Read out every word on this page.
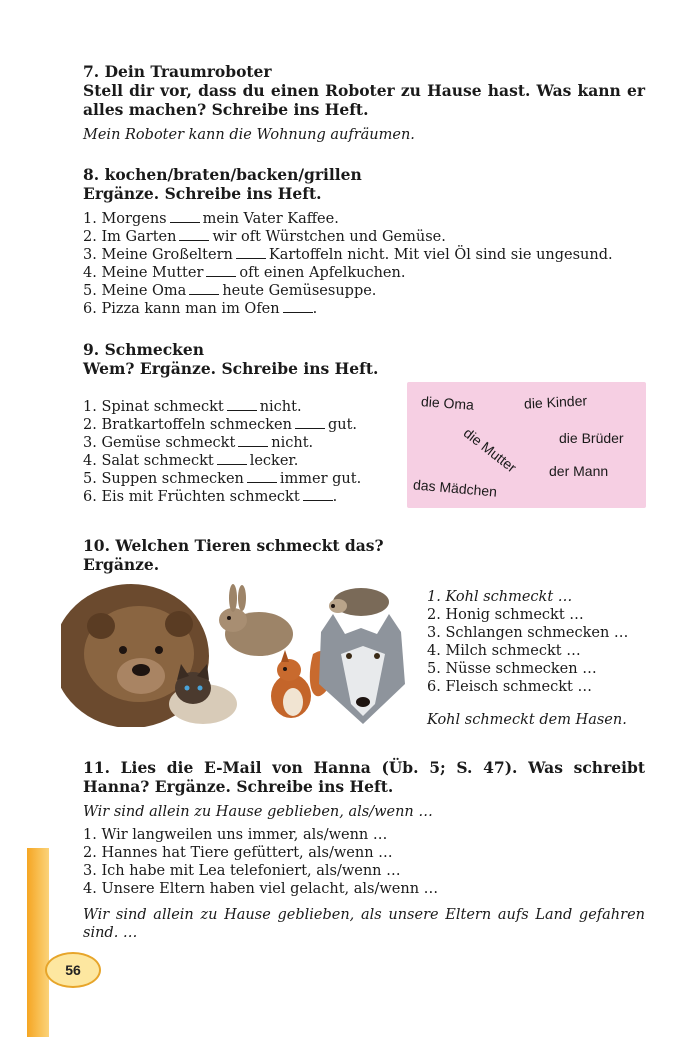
7. Dein Traumroboter
Stell dir vor, dass du einen Roboter zu Hause hast. Was kann er alles machen? Schreibe ins Heft.
Mein Roboter kann die Wohnung aufräumen.
8. kochen/braten/backen/grillen
Ergänze. Schreibe ins Heft.
1. Morgens mein Vater Kaffee.
2. Im Garten wir oft Würstchen und Gemüse.
3. Meine Großeltern Kartoffeln nicht. Mit viel Öl sind sie ungesund.
4. Meine Mutter oft einen Apfelkuchen.
5. Meine Oma heute Gemüsesuppe.
6. Pizza kann man im Ofen .
9. Schmecken
Wem? Ergänze. Schreibe ins Heft.
1. Spinat schmeckt nicht.
2. Bratkartoffeln schmecken gut.
3. Gemüse schmeckt nicht.
4. Salat schmeckt lecker.
5. Suppen schmecken immer gut.
6. Eis mit Früchten schmeckt .
die Oma	die Kinder
die Mutter	die Brüder
der Mann
das Mädchen
10. Welchen Tieren schmeckt das?
Ergänze.
1. Kohl schmeckt …
2. Honig schmeckt …
3. Schlangen schmecken …
4. Milch schmeckt …
5. Nüsse schmecken …
6. Fleisch schmeckt …
Kohl schmeckt dem Hasen.
11. Lies die E-Mail von Hanna (Üb. 5; S. 47). Was schreibt Hanna? Ergänze. Schreibe ins Heft.
Wir sind allein zu Hause geblieben, als/wenn …
1. Wir langweilen uns immer, als/wenn …
2. Hannes hat Tiere gefüttert, als/wenn …
3. Ich habe mit Lea telefoniert, als/wenn …
4. Unsere Eltern haben viel gelacht, als/wenn …
Wir sind allein zu Hause geblieben, als unsere Eltern aufs Land gefahren sind. …
56
